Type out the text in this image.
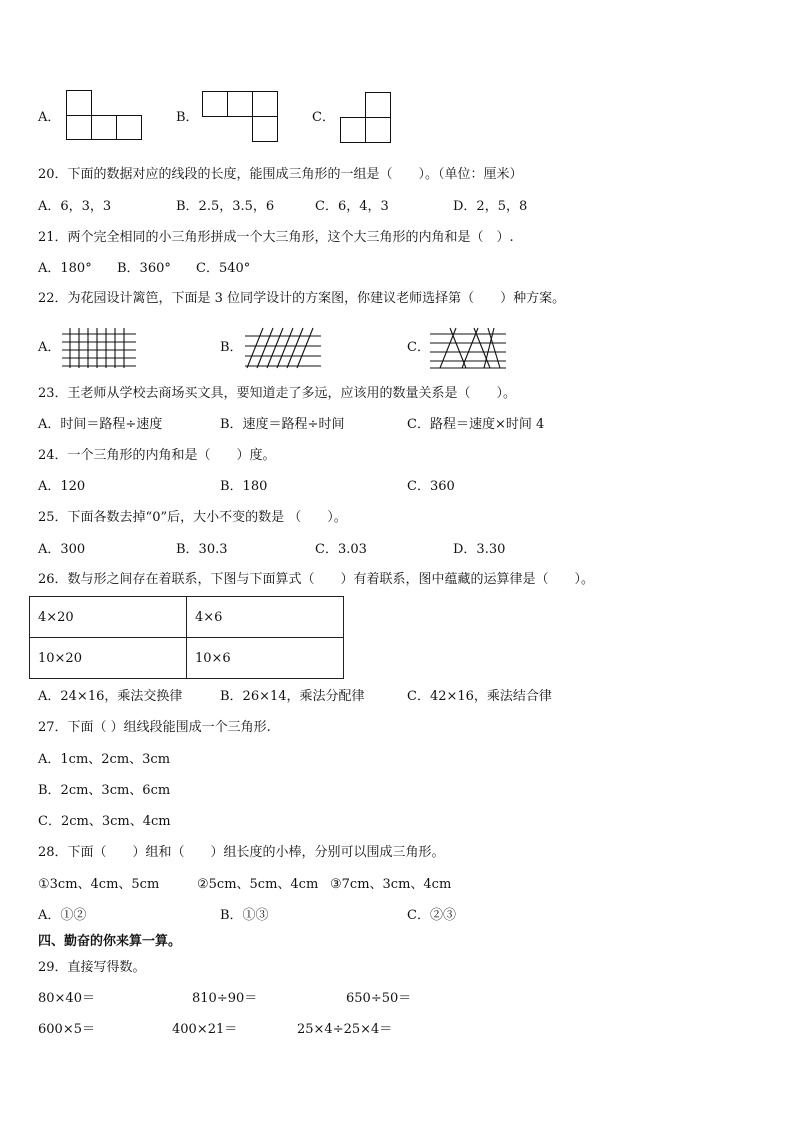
A．	B．	C．
20．下面的数据对应的线段的长度，能围成三角形的一组是（　　）。（单位：厘米）
A．6，3，3	B．2.5，3.5，6	C．6，4，3	D．2，5，8
21．两个完全相同的小三角形拼成一个大三角形，这个大三角形的内角和是（　）.
A．180° B．360° C．540°
22．为花园设计篱笆，下面是 3 位同学设计的方案图，你建议老师选择第（　　）种方案。
A．	B．	C．
23．王老师从学校去商场买文具，要知道走了多远，应该用的数量关系是（　　）。
A．时间＝路程÷速度	B．速度＝路程÷时间	C．路程＝速度×时间 4
24．一个三角形的内角和是（　　）度。
A．120	B．180	C．360
25．下面各数去掉“0”后，大小不变的数是 （　　）。
A．300	B．30.3	C．3.03	D．3.30
26．数与形之间存在着联系，下图与下面算式（　　）有着联系，图中蕴藏的运算律是（　　）。
4×20	4×6
10×20	10×6
A．24×16，乘法交换律	B．26×14，乘法分配律	C．42×16，乘法结合律
27．下面（ ）组线段能围成一个三角形.
A．1cm、2cm、3cm
B．2cm、3cm、6cm
C．2cm、3cm、4cm
28．下面（　　）组和（　　）组长度的小棒，分别可以围成三角形。
①3cm、4cm、5cm	②5cm、5cm、4cm ③7cm、3cm、4cm
A．①②	B．①③	C．②③
四、勤奋的你来算一算。
29．直接写得数。
80×40＝	810÷90＝	650÷50＝
600×5＝	400×21＝	25×4÷25×4＝
